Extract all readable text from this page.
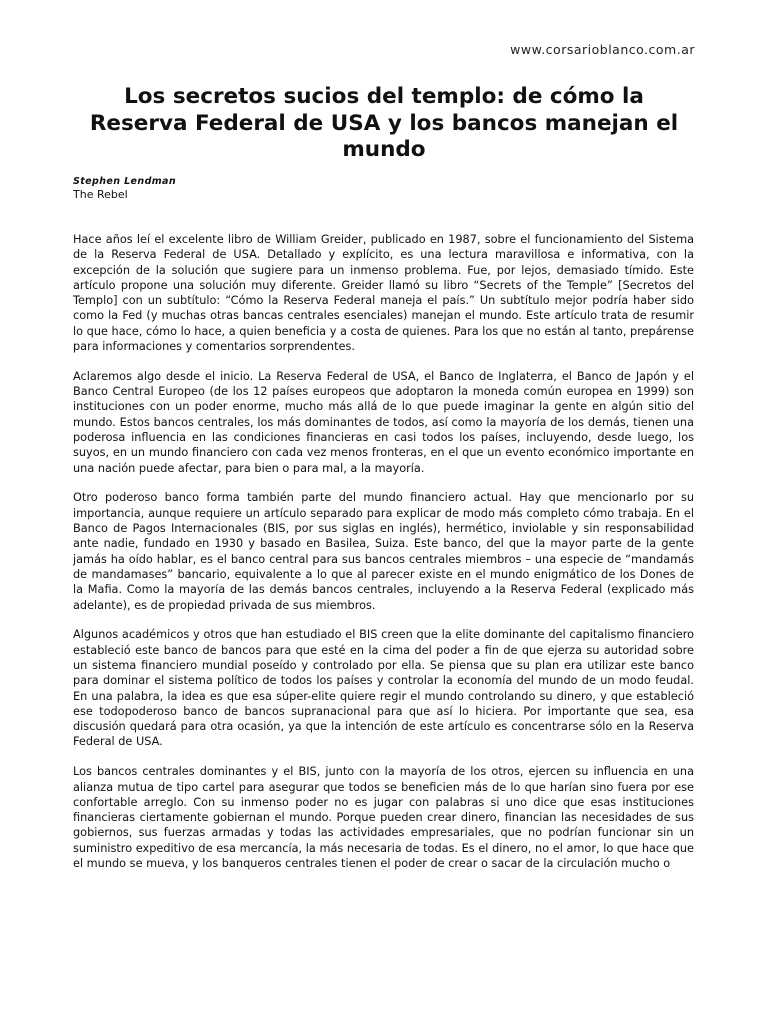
www.corsarioblanco.com.ar
Los secretos sucios del templo: de cómo la Reserva Federal de USA y los bancos manejan el mundo
Stephen Lendman
The Rebel

Hace años leí el excelente libro de William Greider, publicado en 1987, sobre el funcionamiento del Sistema de la Reserva Federal de USA. Detallado y explícito, es una lectura maravillosa e informativa, con la excepción de la solución que sugiere para un inmenso problema. Fue, por lejos, demasiado tímido. Este artículo propone una solución muy diferente. Greider llamó su libro “Secrets of the Temple” [Secretos del Templo] con un subtítulo: “Cómo la Reserva Federal maneja el país.” Un subtítulo mejor podría haber sido como la Fed (y muchas otras bancas centrales esenciales) manejan el mundo. Este artículo trata de resumir lo que hace, cómo lo hace, a quien beneficia y a costa de quienes. Para los que no están al tanto, prepárense para informaciones y comentarios sorprendentes.

Aclaremos algo desde el inicio. La Reserva Federal de USA, el Banco de Inglaterra, el Banco de Japón y el Banco Central Europeo (de los 12 países europeos que adoptaron la moneda común europea en 1999) son instituciones con un poder enorme, mucho más allá de lo que puede imaginar la gente en algún sitio del mundo. Estos bancos centrales, los más dominantes de todos, así como la mayoría de los demás, tienen una poderosa influencia en las condiciones financieras en casi todos los países, incluyendo, desde luego, los suyos, en un mundo financiero con cada vez menos fronteras, en el que un evento económico importante en una nación puede afectar, para bien o para mal, a la mayoría.

Otro poderoso banco forma también parte del mundo financiero actual. Hay que mencionarlo por su importancia, aunque requiere un artículo separado para explicar de modo más completo cómo trabaja. En el Banco de Pagos Internacionales (BIS, por sus siglas en inglés), hermético, inviolable y sin responsabilidad ante nadie, fundado en 1930 y basado en Basilea, Suiza. Este banco, del que la mayor parte de la gente jamás ha oído hablar, es el banco central para sus bancos centrales miembros – una especie de “mandamás de mandamases” bancario, equivalente a lo que al parecer existe en el mundo enigmático de los Dones de la Mafia. Como la mayoría de las demás bancos centrales, incluyendo a la Reserva Federal (explicado más adelante), es de propiedad privada de sus miembros.

Algunos académicos y otros que han estudiado el BIS creen que la elite dominante del capitalismo financiero estableció este banco de bancos para que esté en la cima del poder a fin de que ejerza su autoridad sobre un sistema financiero mundial poseído y controlado por ella. Se piensa que su plan era utilizar este banco para dominar el sistema político de todos los países y controlar la economía del mundo de un modo feudal. En una palabra, la idea es que esa súper-elite quiere regir el mundo controlando su dinero, y que estableció ese todopoderoso banco de bancos supranacional para que así lo hiciera. Por importante que sea, esa discusión quedará para otra ocasión, ya que la intención de este artículo es concentrarse sólo en la Reserva Federal de USA.

Los bancos centrales dominantes y el BIS, junto con la mayoría de los otros, ejercen su influencia en una alianza mutua de tipo cartel para asegurar que todos se beneficien más de lo que harían sino fuera por ese confortable arreglo. Con su inmenso poder no es jugar con palabras si uno dice que esas instituciones financieras ciertamente gobiernan el mundo. Porque pueden crear dinero, financian las necesidades de sus gobiernos, sus fuerzas armadas y todas las actividades empresariales, que no podrían funcionar sin un suministro expeditivo de esa mercancía, la más necesaria de todas. Es el dinero, no el amor, lo que hace que el mundo se mueva, y los banqueros centrales tienen el poder de crear o sacar de la circulación mucho o
